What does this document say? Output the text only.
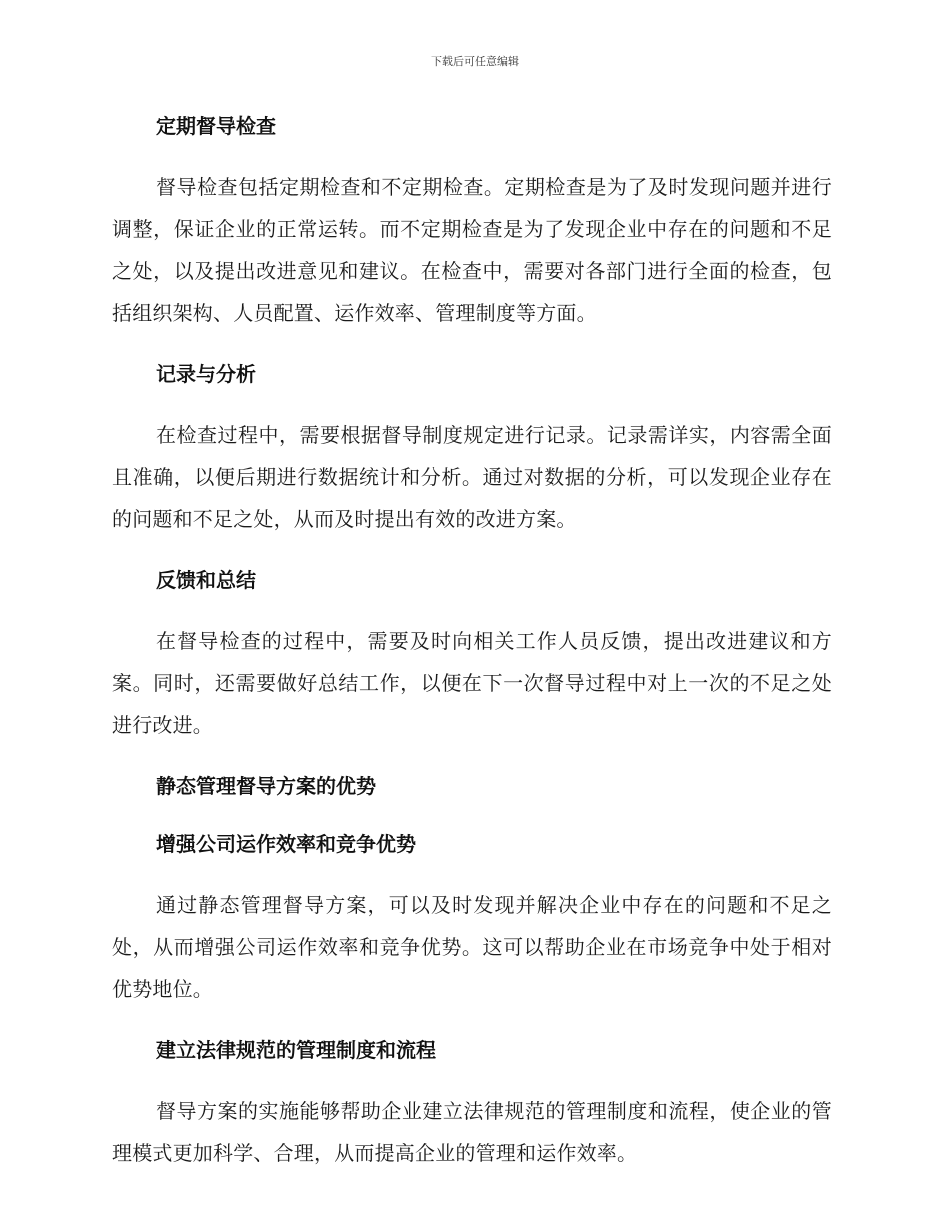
下载后可任意编辑
定期督导检查

督导检查包括定期检查和不定期检查。定期检查是为了及时发现问题并进行调整，保证企业的正常运转。而不定期检查是为了发现企业中存在的问题和不足之处，以及提出改进意见和建议。在检查中，需要对各部门进行全面的检查，包括组织架构、人员配置、运作效率、管理制度等方面。

记录与分析

在检查过程中，需要根据督导制度规定进行记录。记录需详实，内容需全面且准确，以便后期进行数据统计和分析。通过对数据的分析，可以发现企业存在的问题和不足之处，从而及时提出有效的改进方案。

反馈和总结

在督导检查的过程中，需要及时向相关工作人员反馈，提出改进建议和方案。同时，还需要做好总结工作，以便在下一次督导过程中对上一次的不足之处进行改进。

静态管理督导方案的优势
增强公司运作效率和竞争优势

通过静态管理督导方案，可以及时发现并解决企业中存在的问题和不足之处，从而增强公司运作效率和竞争优势。这可以帮助企业在市场竞争中处于相对优势地位。

建立法律规范的管理制度和流程

督导方案的实施能够帮助企业建立法律规范的管理制度和流程，使企业的管理模式更加科学、合理，从而提高企业的管理和运作效率。
